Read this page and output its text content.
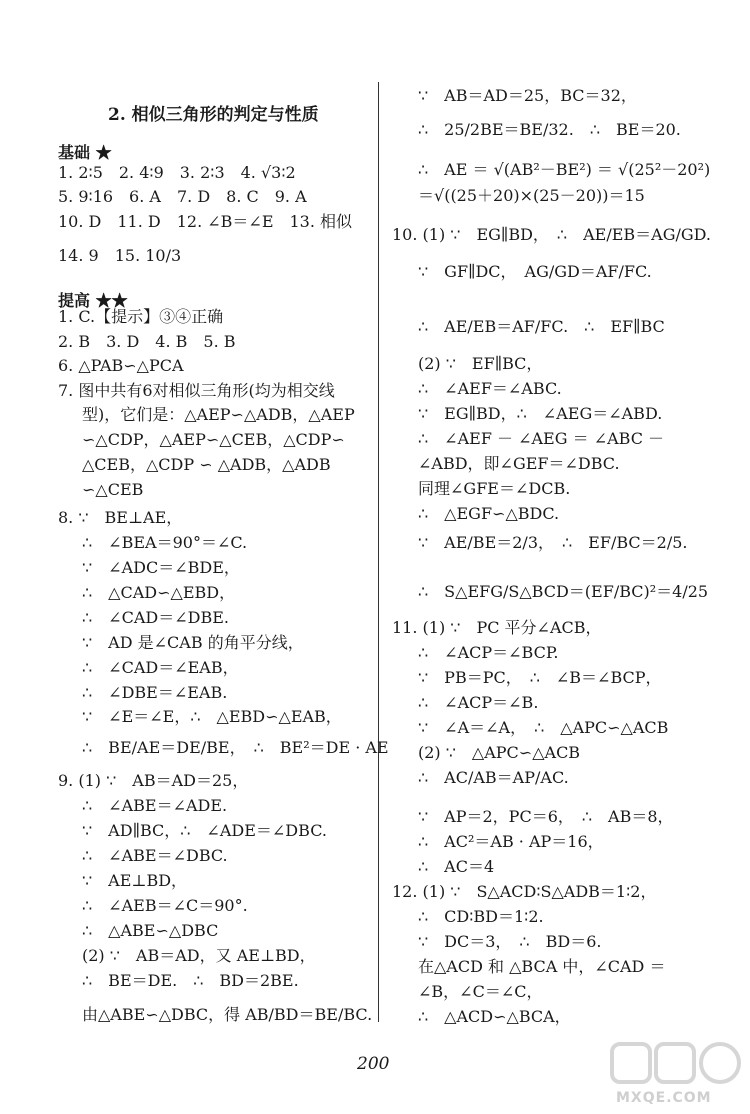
2. 相似三角形的判定与性质
基础 ★
提高 ★★
1. 2∶5　2. 4∶9　3. 2∶3　4. √3∶2
5. 9∶16　6. A　7. D　8. C　9. A
10. D　11. D　12. ∠B＝∠E　13. 相似
14. 9　15. 10/3
1. C.【提示】③④正确
2. B　3. D　4. B　5. B
6. △PAB∽△PCA
7. 图中共有6对相似三角形(均为相交线
型)，它们是：△AEP∽△ADB，△AEP
∽△CDP，△AEP∽△CEB，△CDP∽
△CEB，△CDP ∽ △ADB，△ADB
∽△CEB
8. ∵　BE⊥AE，
∴　∠BEA＝90°＝∠C.
∵　∠ADC＝∠BDE，
∴　△CAD∽△EBD，
∴　∠CAD＝∠DBE.
∵　AD 是∠CAB 的角平分线，
∴　∠CAD＝∠EAB，
∴　∠DBE＝∠EAB.
∵　∠E＝∠E，∴　△EBD∽△EAB，
∴　BE/AE＝DE/BE，　∴　BE²＝DE · AE
9. (1) ∵　AB＝AD＝25，
∴　∠ABE＝∠ADE.
∵　AD∥BC，∴　∠ADE＝∠DBC.
∴　∠ABE＝∠DBC.
∵　AE⊥BD，
∴　∠AEB＝∠C＝90°.
∴　△ABE∽△DBC
(2) ∵　AB＝AD，又 AE⊥BD，
∴　BE＝DE.　∴　BD＝2BE.
由△ABE∽△DBC，得 AB/BD＝BE/BC.
∵　AB＝AD＝25，BC＝32，
∴　25/2BE＝BE/32.　∴　BE＝20.
∴　AE ＝ √(AB²－BE²) ＝ √(25²－20²)
＝√((25＋20)×(25－20))＝15
10. (1) ∵　EG∥BD，　∴　AE/EB＝AG/GD.
∵　GF∥DC，　AG/GD＝AF/FC.
∴　AE/EB＝AF/FC.　∴　EF∥BC
(2) ∵　EF∥BC，
∴　∠AEF＝∠ABC.
∵　EG∥BD，∴　∠AEG＝∠ABD.
∴　∠AEF － ∠AEG ＝ ∠ABC －
∠ABD，即∠GEF＝∠DBC.
同理∠GFE＝∠DCB.
∴　△EGF∽△BDC.
∵　AE/BE＝2/3，　∴　EF/BC＝2/5.
∴　S△EFG/S△BCD＝(EF/BC)²＝4/25
11. (1) ∵　PC 平分∠ACB，
∴　∠ACP＝∠BCP.
∵　PB＝PC，　∴　∠B＝∠BCP，
∴　∠ACP＝∠B.
∵　∠A＝∠A，　∴　△APC∽△ACB
(2) ∵　△APC∽△ACB
∴　AC/AB＝AP/AC.
∵　AP＝2，PC＝6，　∴　AB＝8，
∴　AC²＝AB · AP＝16，
∴　AC＝4
12. (1) ∵　S△ACD∶S△ADB＝1∶2，
∴　CD∶BD＝1∶2.
∵　DC＝3，　∴　BD＝6.
在△ACD 和 △BCA 中，∠CAD ＝
∠B，∠C＝∠C，
∴　△ACD∽△BCA，
200
MXQE.COM
